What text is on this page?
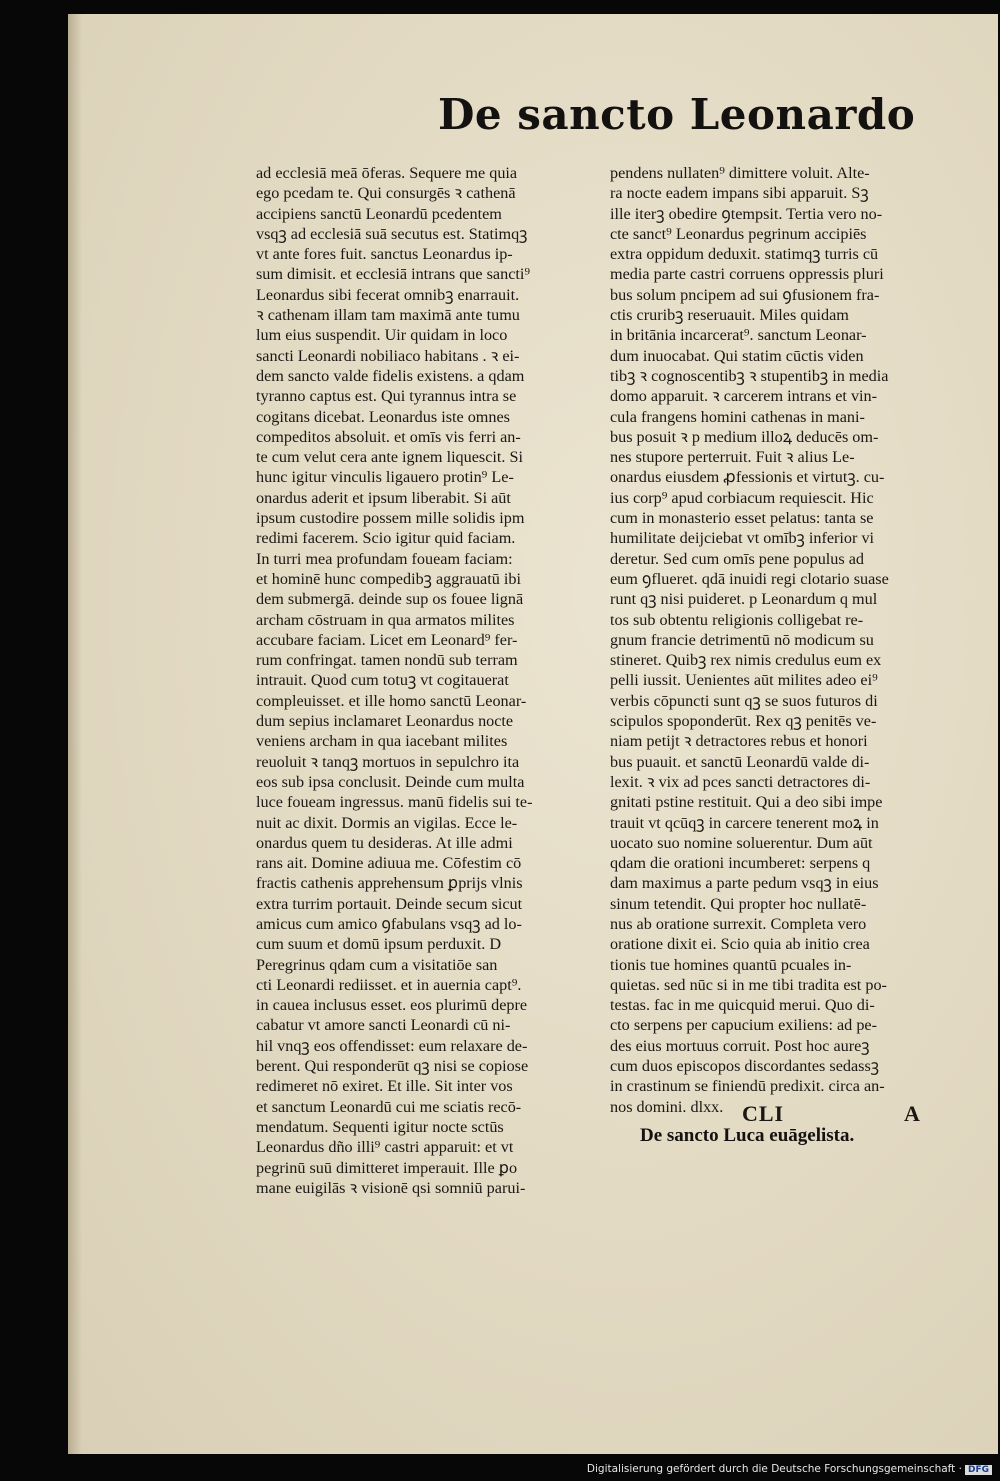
De sancto Leonardo
ad ecclesiā meā ōferas. Sequere me quia
ego pcedam te. Qui consurgēs ꝛ cathenā
accipiens sanctū Leonardū pcedentem
vsqꝫ ad ecclesiā suā secutus est. Statimqꝫ
vt ante fores fuit. sanctus Leonardus ip-
sum dimisit. et ecclesiā intrans que sancti⁹
Leonardus sibi fecerat omnibꝫ enarrauit.
ꝛ cathenam illam tam maximā ante tumu
lum eius suspendit. Uir quidam in loco
sancti Leonardi nobiliaco habitans . ꝛ ei-
dem sancto valde fidelis existens. a qdam
tyranno captus est. Qui tyrannus intra se
cogitans dicebat. Leonardus iste omnes
compeditos absoluit. et omīs vis ferri an-
te cum velut cera ante ignem liquescit. Si
hunc igitur vinculis ligauero protin⁹ Le-
onardus aderit et ipsum liberabit. Si aūt
ipsum custodire possem mille solidis ipm
redimi facerem. Scio igitur quid faciam.
In turri mea profundam foueam faciam:
et hominē hunc compedibꝫ aggrauatū ibi
dem submergā. deinde sup os fouee lignā
archam cōstruam in qua armatos milites
accubare faciam. Licet em Leonard⁹ fer-
rum confringat. tamen nondū sub terram
intrauit. Quod cum totuꝫ vt cogitauerat
compleuisset. et ille homo sanctū Leonar-
dum sepius inclamaret Leonardus nocte
veniens archam in qua iacebant milites
reuoluit ꝛ tanqꝫ mortuos in sepulchro ita
eos sub ipsa conclusit. Deinde cum multa
luce foueam ingressus. manū fidelis sui te-
nuit ac dixit. Dormis an vigilas. Ecce le-
onardus quem tu desideras. At ille admi
rans ait. Domine adiuua me. Cōfestim cō
fractis cathenis apprehensum ꝑprijs vlnis
extra turrim portauit. Deinde secum sicut
amicus cum amico ꝯfabulans vsqꝫ ad lo-
cum suum et domū ipsum perduxit. D
Peregrinus qdam cum a visitatiōe san
cti Leonardi rediisset. et in auernia capt⁹.
in cauea inclusus esset. eos plurimū depre
cabatur vt amore sancti Leonardi cū ni-
hil vnqꝫ eos offendisset: eum relaxare de-
berent. Qui responderūt qꝫ nisi se copiose
redimeret nō exiret. Et ille. Sit inter vos
et sanctum Leonardū cui me sciatis recō-
mendatum. Sequenti igitur nocte sctūs
Leonardus dño illi⁹ castri apparuit: et vt
pegrinū suū dimitteret imperauit. Ille ꝑo
mane euigilās ꝛ visionē qsi somniū parui-
pendens nullaten⁹ dimittere voluit. Alte-
ra nocte eadem impans sibi apparuit. Sꝫ
ille iterꝫ obedire ꝯtempsit. Tertia vero no-
cte sanct⁹ Leonardus pegrinum accipiēs
extra oppidum deduxit. statimqꝫ turris cū
media parte castri corruens oppressis pluri
bus solum pncipem ad sui ꝯfusionem fra-
ctis cruribꝫ reseruauit. Miles quidam
in britānia incarcerat⁹. sanctum Leonar-
dum inuocabat. Qui statim cūctis viden
tibꝫ ꝛ cognoscentibꝫ ꝛ stupentibꝫ in media
domo apparuit. ꝛ carcerem intrans et vin-
cula frangens homini cathenas in mani-
bus posuit ꝛ p medium illoꝝ deducēs om-
nes stupore perterruit. Fuit ꝛ alius Le-
onardus eiusdem ꝓfessionis et virtutꝫ. cu-
ius corp⁹ apud corbiacum requiescit. Hic
cum in monasterio esset pelatus: tanta se
humilitate deijciebat vt omībꝫ inferior vi
deretur. Sed cum omīs pene populus ad
eum ꝯflueret. qdā inuidi regi clotario suase
runt qꝫ nisi puideret. p Leonardum q mul
tos sub obtentu religionis colligebat re-
gnum francie detrimentū nō modicum su
stineret. Quibꝫ rex nimis credulus eum ex
pelli iussit. Uenientes aūt milites adeo ei⁹
verbis cōpuncti sunt qꝫ se suos futuros di
scipulos spoponderūt. Rex qꝫ penitēs ve-
niam petijt ꝛ detractores rebus et honori
bus puauit. et sanctū Leonardū valde di-
lexit. ꝛ vix ad pces sancti detractores di-
gnitati pstine restituit. Qui a deo sibi impe
trauit vt qcūqꝫ in carcere tenerent moꝝ in
uocato suo nomine soluerentur. Dum aūt
qdam die orationi incumberet: serpens q
dam maximus a parte pedum vsqꝫ in eius
sinum tetendit. Qui propter hoc nullatē-
nus ab oratione surrexit. Completa vero
oratione dixit ei. Scio quia ab initio crea
tionis tue homines quantū pcuales in-
quietas. sed nūc si in me tibi tradita est po-
testas. fac in me quicquid merui. Quo di-
cto serpens per capucium exiliens: ad pe-
des eius mortuus corruit. Post hoc aureꝫ
cum duos episcopos discordantes sedassꝫ
in crastinum se finiendū predixit. circa an-
nos domini. dlxx. CLI	A
De sancto Luca euāgelista.
Digitalisierung gefördert durch die Deutsche Forschungsgemeinschaft · DFG
